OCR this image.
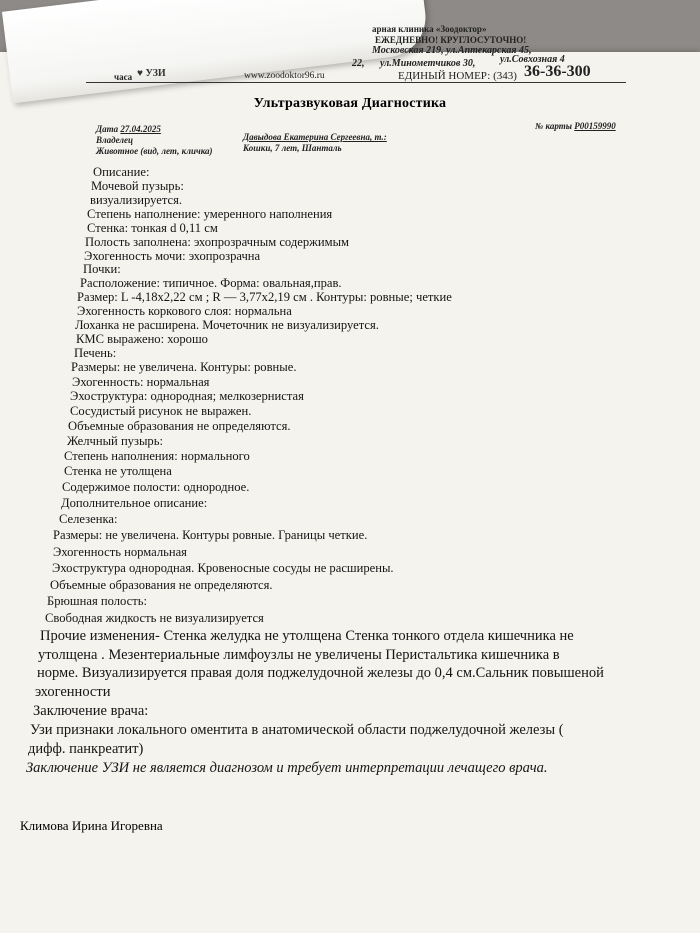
арная клиника «Зоодоктор»
ЕЖЕДНЕВНО! КРУГЛОСУТОЧНО!
Московская 219, ул.Аптекарская 45,
22, ул.Минометчиков 30, ул.Совхозная 4
часа ♥ УЗИ	www.zoodoktor96.ru	ЕДИНЫЙ НОМЕР: (343) 36-36-300
Ультразвуковая Диагностика
Дата 27.04.2025
Владелец
Животное (вид, лет, кличка)
Давыдова Екатерина Сергеевна, т.:
Кошки, 7 лет, Шанталь
№ карты Р00159990
Описание:
Мочевой пузырь:
визуализируется.
Степень наполнение: умеренного наполнения
Стенка: тонкая d 0,11 см
Полость заполнена: эхопрозрачным содержимым
Эхогенность мочи: эхопрозрачна
Почки:
Расположение: типичное. Форма: овальная,прав.
Размер: L -4,18х2,22 см ; R — 3,77х2,19 см . Контуры: ровные; четкие
Эхогенность коркового слоя: нормальна
Лоханка не расширена. Мочеточник не визуализируется.
КМС выражено: хорошо
Печень:
Размеры: не увеличена. Контуры: ровные.
Эхогенность: нормальная
Эхоструктура: однородная; мелкозернистая
Сосудистый рисунок не выражен.
Объемные образования не определяются.
Желчный пузырь:
Степень наполнения: нормального
Стенка не утолщена
Содержимое полости: однородное.
Дополнительное описание:
Селезенка:
Размеры: не увеличена. Контуры ровные. Границы четкие.
Эхогенность нормальная
Эхоструктура однородная. Кровеносные сосуды не расширены.
Объемные образования не определяются.
Брюшная полость:
Свободная жидкость не визуализируется
Прочие изменения- Стенка желудка не утолщена Стенка тонкого отдела кишечника не
утолщена . Мезентериальные лимфоузлы не увеличены Перистальтика кишечника в
норме. Визуализируется правая доля поджелудочной железы до 0,4 см.Сальник повышеной
эхогенности
Заключение врача:
Узи признаки локального оментита в анатомической области поджелудочной железы (
дифф. панкреатит)
Заключение УЗИ не является диагнозом и требует интерпретации лечащего врача.
Климова Ирина Игоревна
